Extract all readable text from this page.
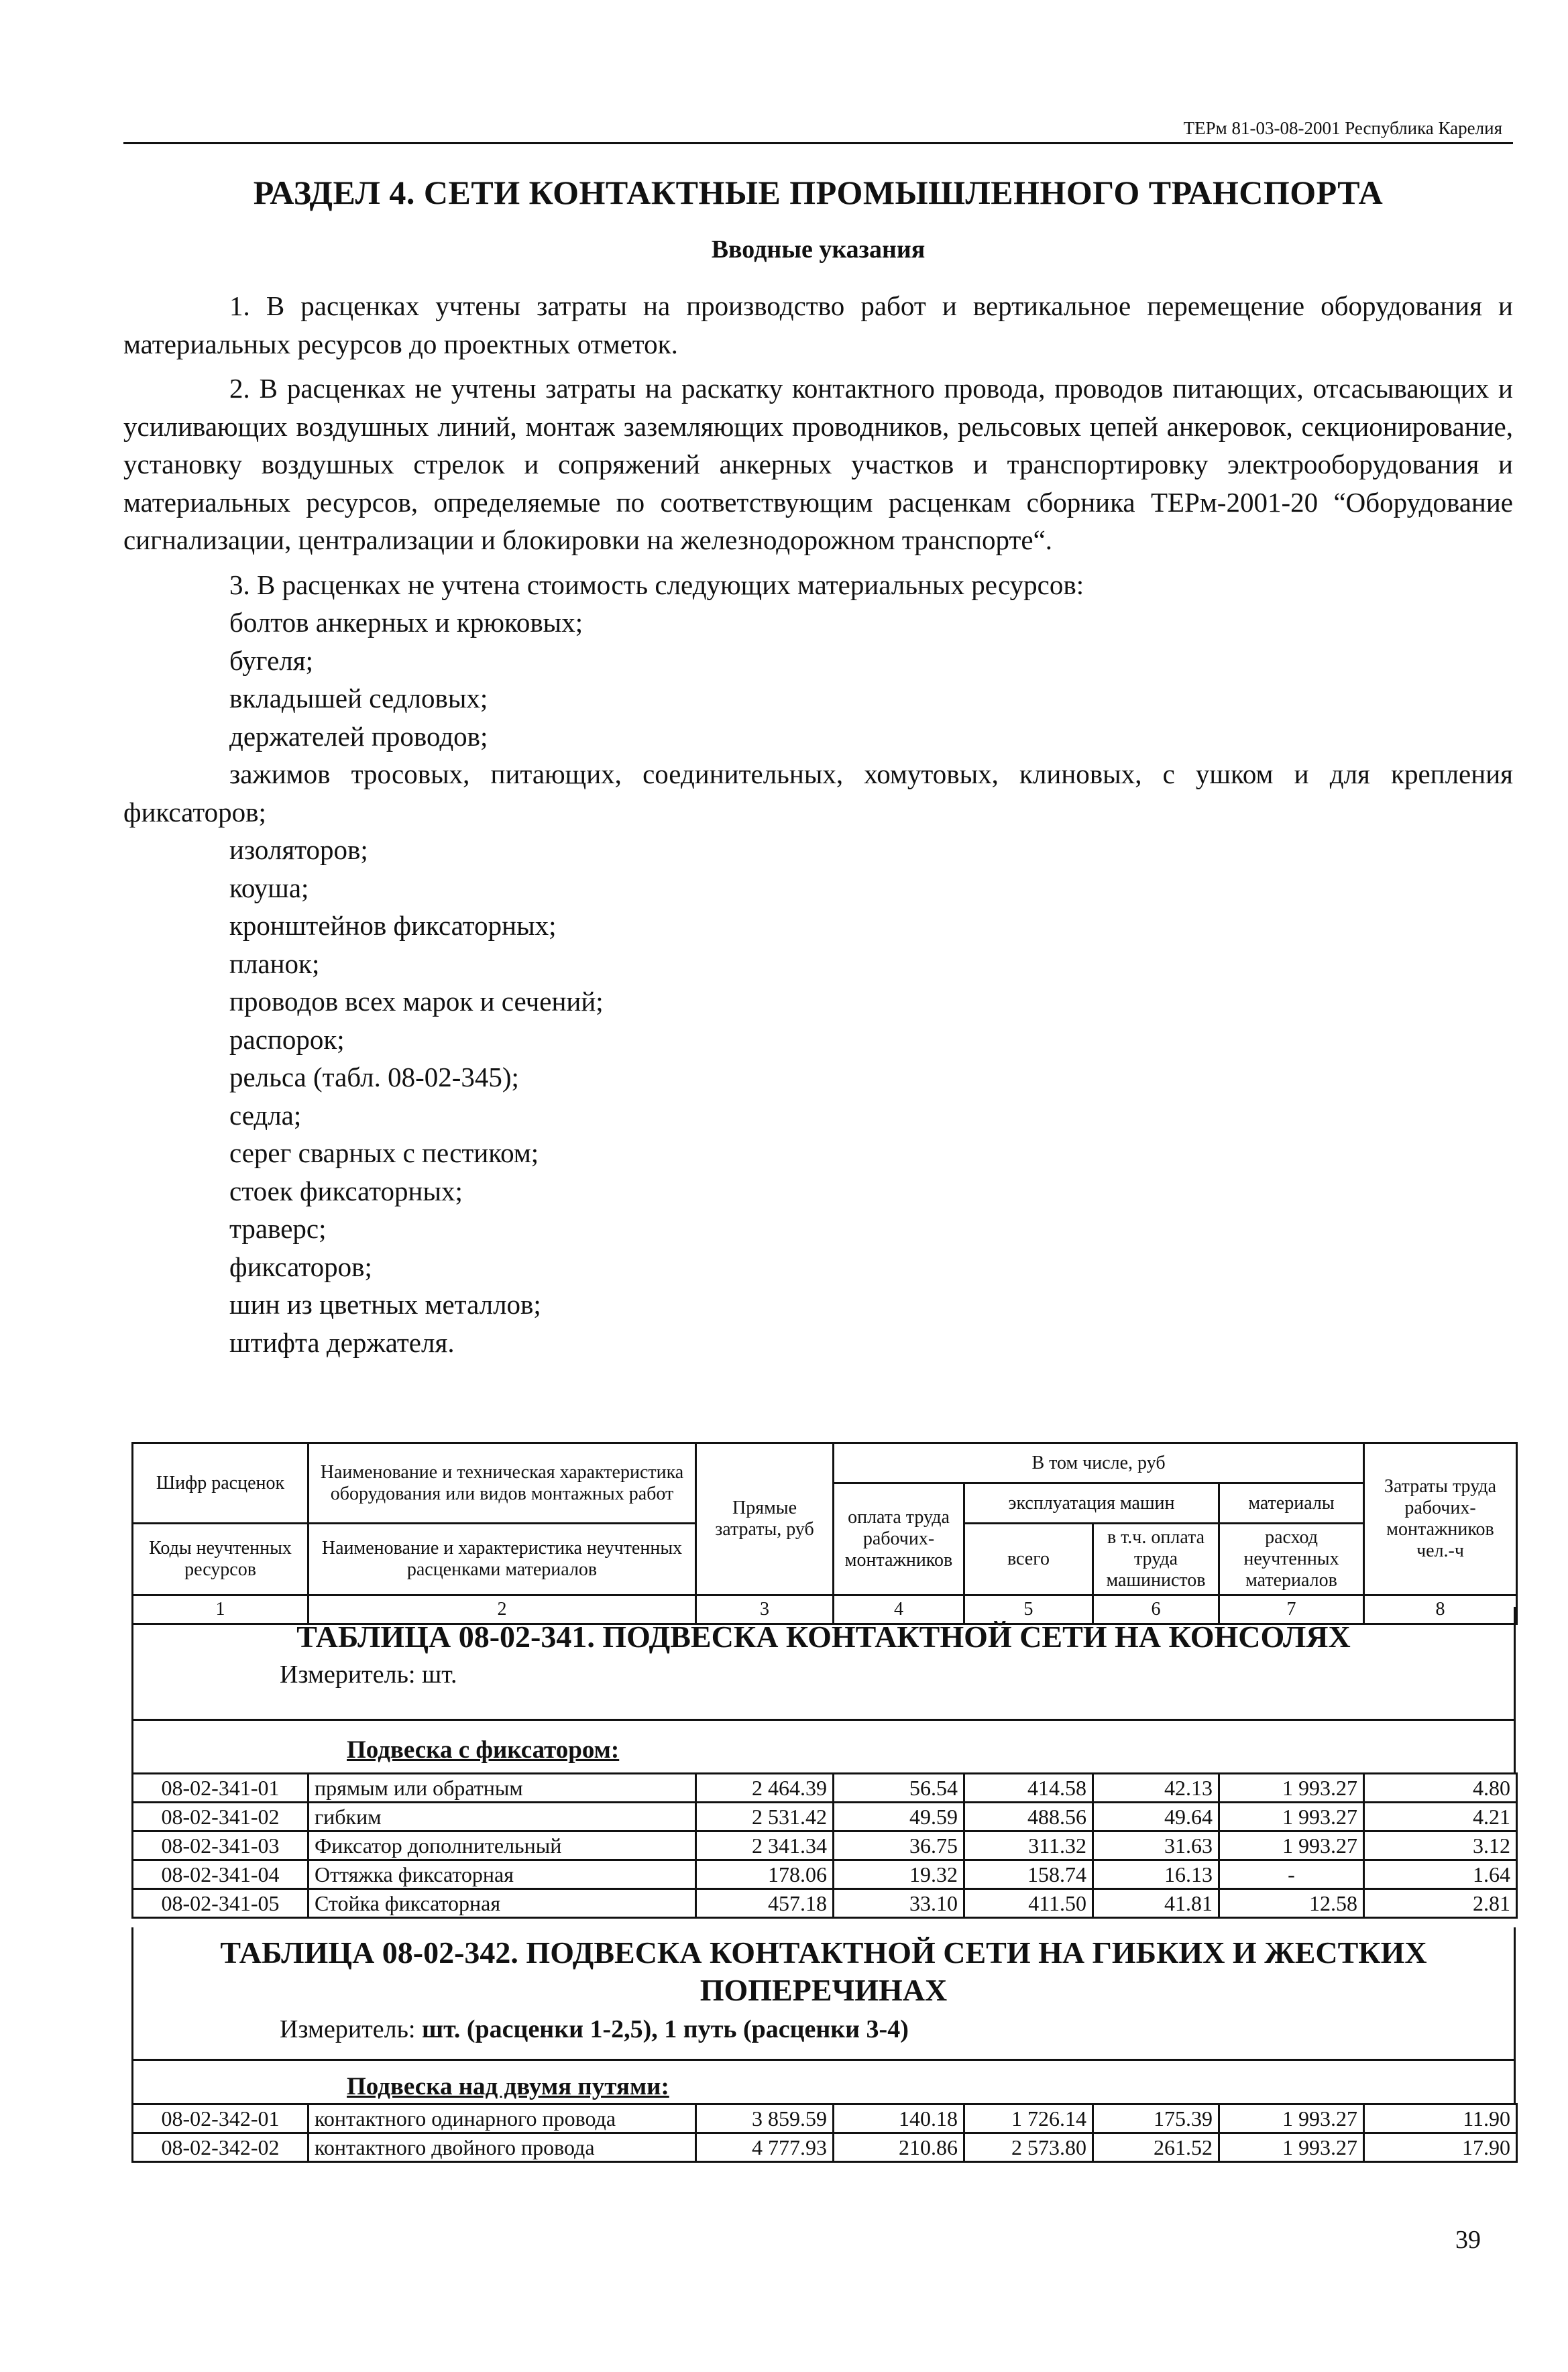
ТЕРм 81-03-08-2001 Республика Карелия
РАЗДЕЛ 4. СЕТИ КОНТАКТНЫЕ ПРОМЫШЛЕННОГО ТРАНСПОРТА
Вводные указания

1. В расценках учтены затраты на производство работ и вертикальное перемещение оборудования и материальных ресурсов до проектных отметок.

2. В расценках не учтены затраты на раскатку контактного провода, проводов питающих, отсасывающих и усиливающих воздушных линий, монтаж заземляющих проводников, рельсовых цепей анкеровок, секционирование, установку воздушных стрелок и сопряжений анкерных участков и транспортировку электрооборудования и материальных ресурсов, определяемые по соответствующим расценкам сборника ТЕРм-2001-20 “Оборудование сигнализации, централизации и блокировки на железнодорожном транспорте“.

3. В расценках не учтена стоимость следующих материальных ресурсов:

болтов анкерных и крюковых;

бугеля;

вкладышей седловых;

держателей проводов;

зажимов тросовых, питающих, соединительных, хомутовых, клиновых, с ушком и для крепления фиксаторов;

изоляторов;

коуша;

кронштейнов фиксаторных;

планок;

проводов всех марок и сечений;

распорок;

рельса (табл. 08-02-345);

седла;

серег сварных с пестиком;

стоек фиксаторных;

траверс;

фиксаторов;

шин из цветных металлов;

штифта держателя.

Шифр расценок	Наименование и техническая характеристика оборудования или видов монтажных работ	Прямые затраты, руб	В том числе, руб				Затраты труда рабочих-монтажников чел.-ч
			оплата труда рабочих-монтажников	эксплуатация машин		материалы	
Коды неучтенных ресурсов	Наименование и характеристика неучтенных расценками материалов			всего	в т.ч. оплата труда машинистов	расход неучтенных материалов	

1	2	3	4	5	6	7	8
ТАБЛИЦА 08-02-341. ПОДВЕСКА КОНТАКТНОЙ СЕТИ НА КОНСОЛЯХ
Измеритель: шт.
Подвеска с фиксатором:
08-02-341-01	прямым или обратным	2 464.39	56.54	414.58	42.13	1 993.27	4.80
08-02-341-02	гибким	2 531.42	49.59	488.56	49.64	1 993.27	4.21
08-02-341-03	Фиксатор дополнительный	2 341.34	36.75	311.32	31.63	1 993.27	3.12
08-02-341-04	Оттяжка фиксаторная	178.06	19.32	158.74	16.13	-	1.64
08-02-341-05	Стойка фиксаторная	457.18	33.10	411.50	41.81	12.58	2.81
ТАБЛИЦА 08-02-342. ПОДВЕСКА КОНТАКТНОЙ СЕТИ НА ГИБКИХ И ЖЕСТКИХ
ПОПЕРЕЧИНАХ
Измеритель: шт. (расценки 1-2,5), 1 путь (расценки 3-4)
Подвеска над двумя путями:
08-02-342-01	контактного одинарного провода	3 859.59	140.18	1 726.14	175.39	1 993.27	11.90
08-02-342-02	контактного двойного провода	4 777.93	210.86	2 573.80	261.52	1 993.27	17.90
39
